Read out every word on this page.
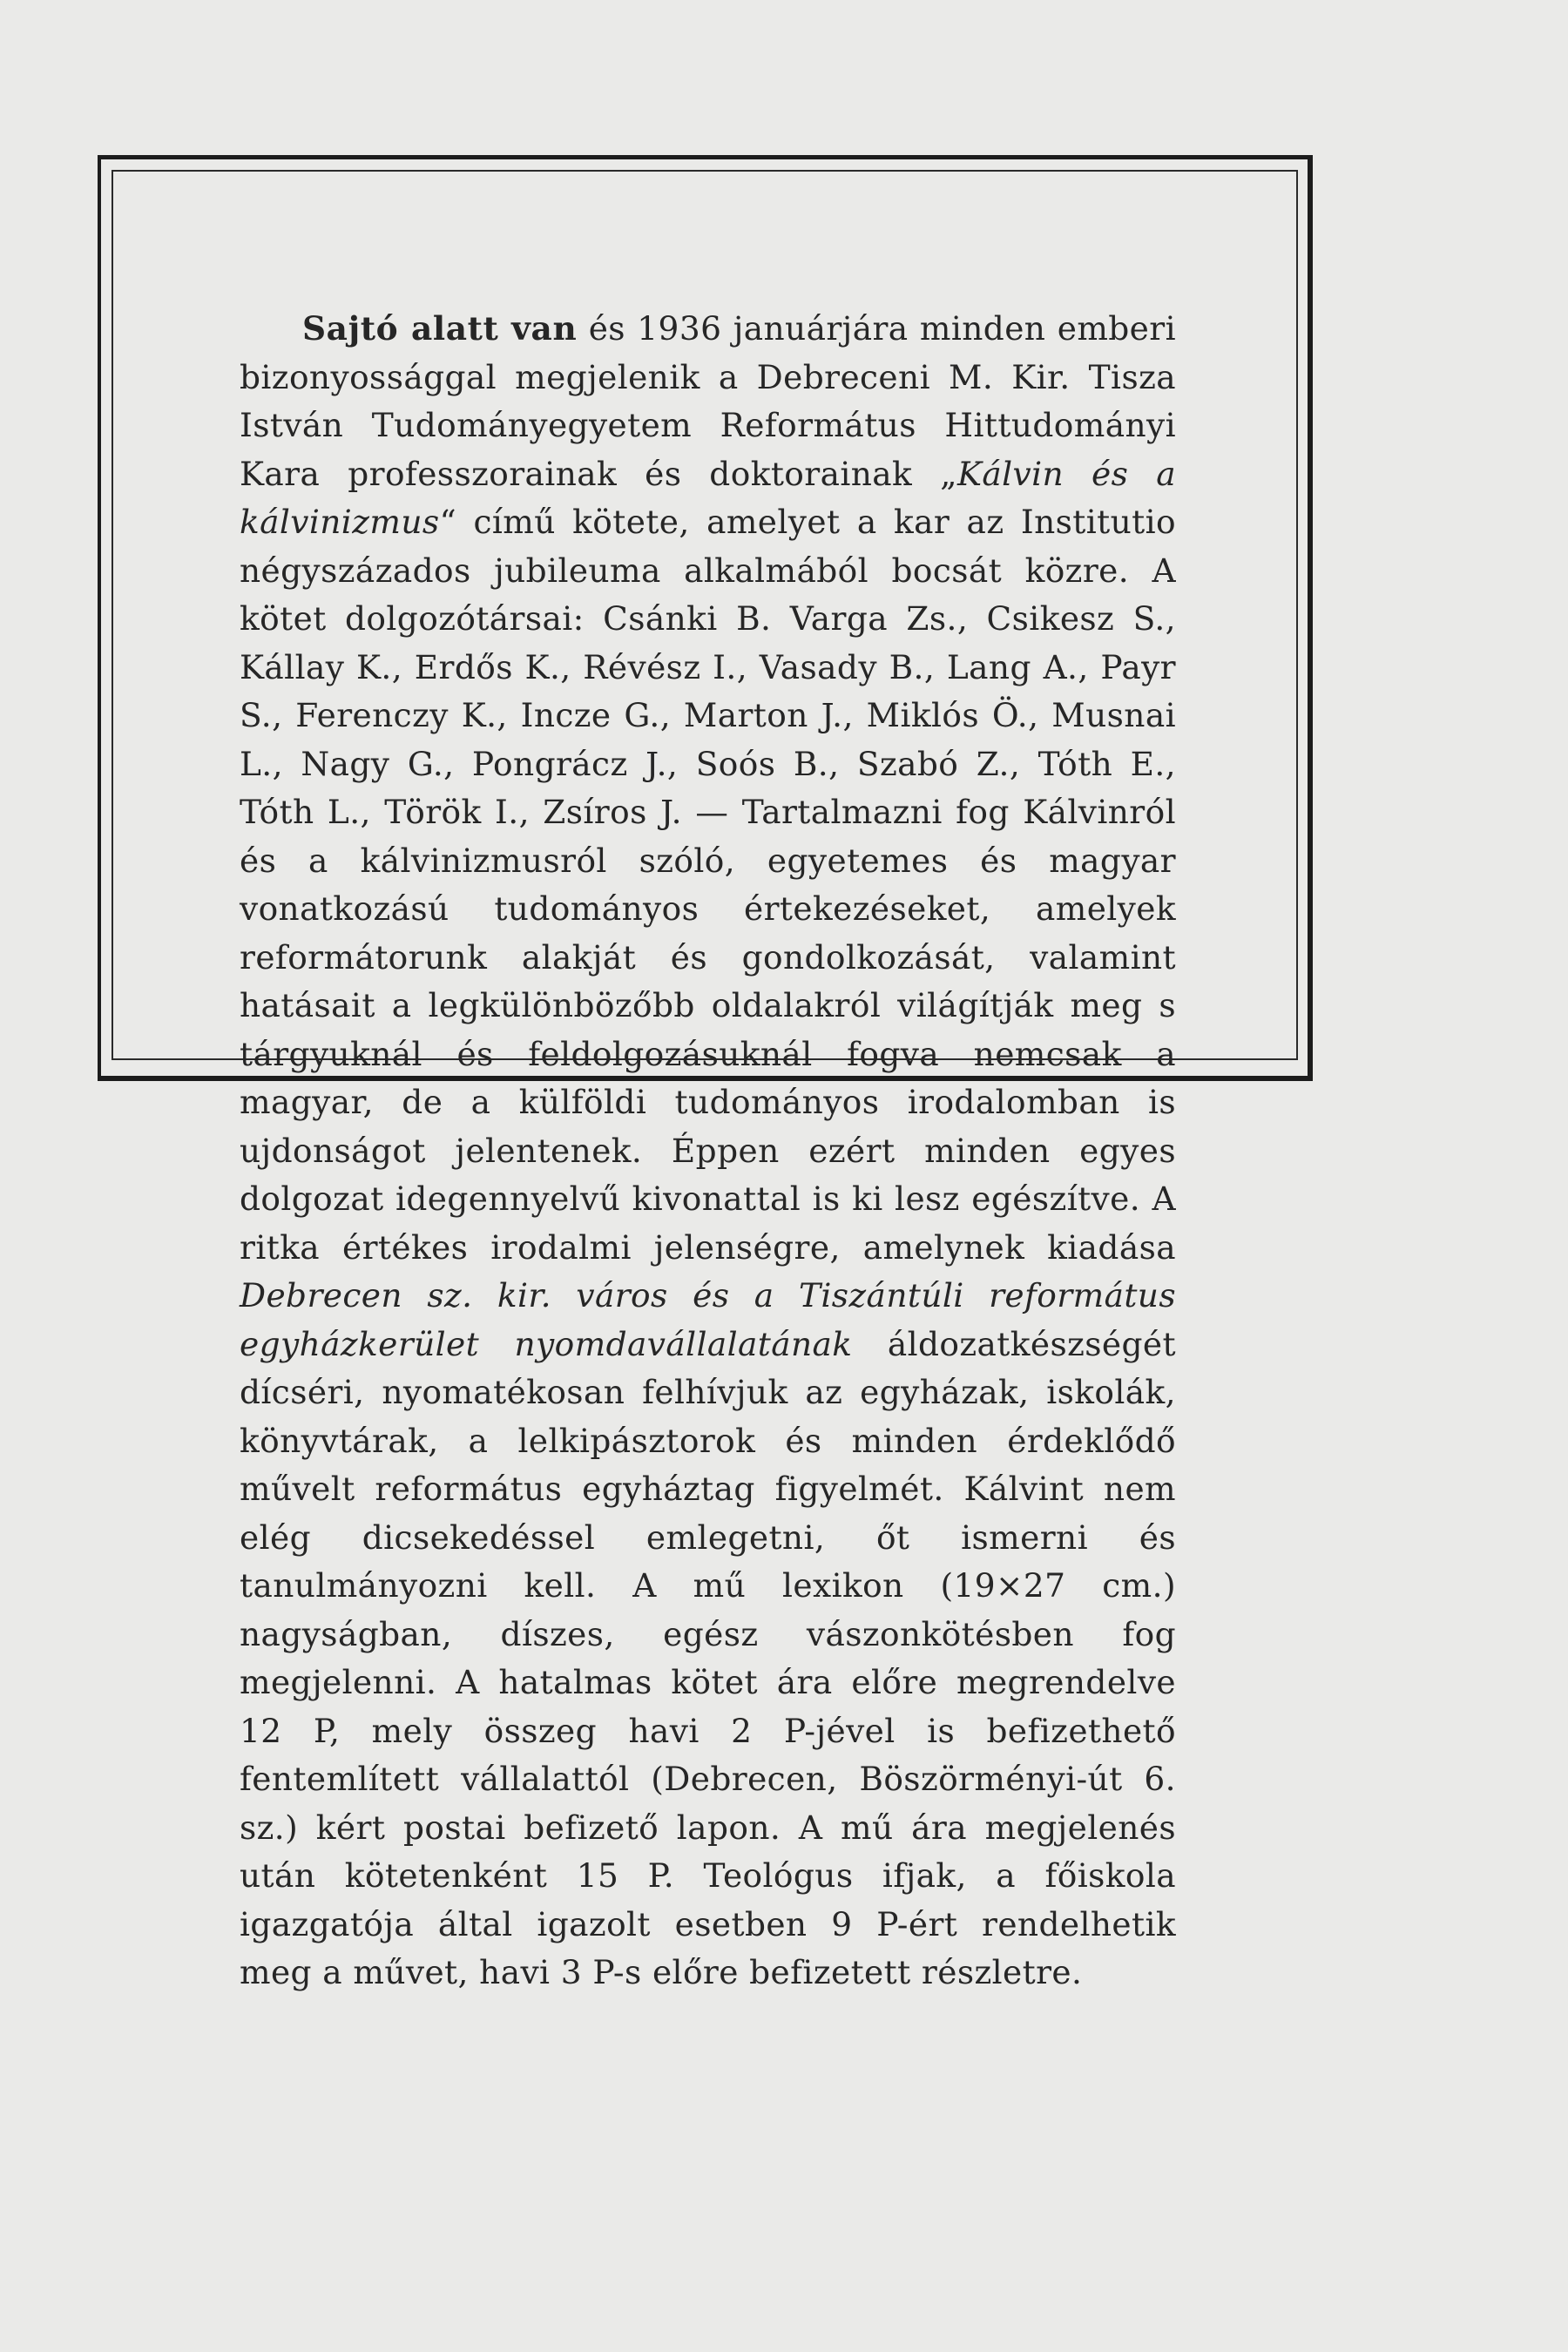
Sajtó alatt van és 1936 januárjára minden emberi bizonyossággal megjelenik a Debreceni M. Kir. Tisza István Tudományegyetem Református Hittudományi Kara professzorainak és doktorainak „Kálvin és a kálvinizmus“ című kötete, amelyet a kar az Institutio négyszázados jubileuma alkalmából bocsát közre. A kötet dolgozótársai: Csánki B. Varga Zs., Csikesz S., Kállay K., Erdős K., Révész I., Vasady B., Lang A., Payr S., Ferenczy K., Incze G., Marton J., Miklós Ö., Musnai L., Nagy G., Pongrácz J., Soós B., Szabó Z., Tóth E., Tóth L., Török I., Zsíros J. — Tartalmazni fog Kálvinról és a kálvinizmusról szóló, egyetemes és magyar vonatkozású tudományos értekezéseket, amelyek reformátorunk alakját és gondolkozását, valamint hatásait a legkülönbözőbb oldalakról világítják meg s tárgyuknál és feldolgozásuknál fogva nemcsak a magyar, de a külföldi tudományos irodalomban is ujdonságot jelentenek. Éppen ezért minden egyes dolgozat idegennyelvű kivonattal is ki lesz egészítve. A ritka értékes irodalmi jelenségre, amelynek kiadása Debrecen sz. kir. város és a Tiszántúli református egyházkerület nyomdavállalatának áldozatkészségét dícséri, nyomatékosan felhívjuk az egyházak, iskolák, könyvtárak, a lelkipásztorok és minden érdeklődő művelt református egyháztag figyelmét. Kálvint nem elég dicsekedéssel emlegetni, őt ismerni és tanulmányozni kell. A mű lexikon (19×27 cm.) nagyságban, díszes, egész vászonkötésben fog megjelenni. A hatalmas kötet ára előre megrendelve 12 P, mely összeg havi 2 P-jével is befizethető fentemlített vállalattól (Debrecen, Böszörményi-út 6. sz.) kért postai befizető lapon. A mű ára megjelenés után kötetenként 15 P. Teológus ifjak, a főiskola igazgatója által igazolt esetben 9 P-ért rendelhetik meg a művet, havi 3 P-s előre befizetett részletre.
